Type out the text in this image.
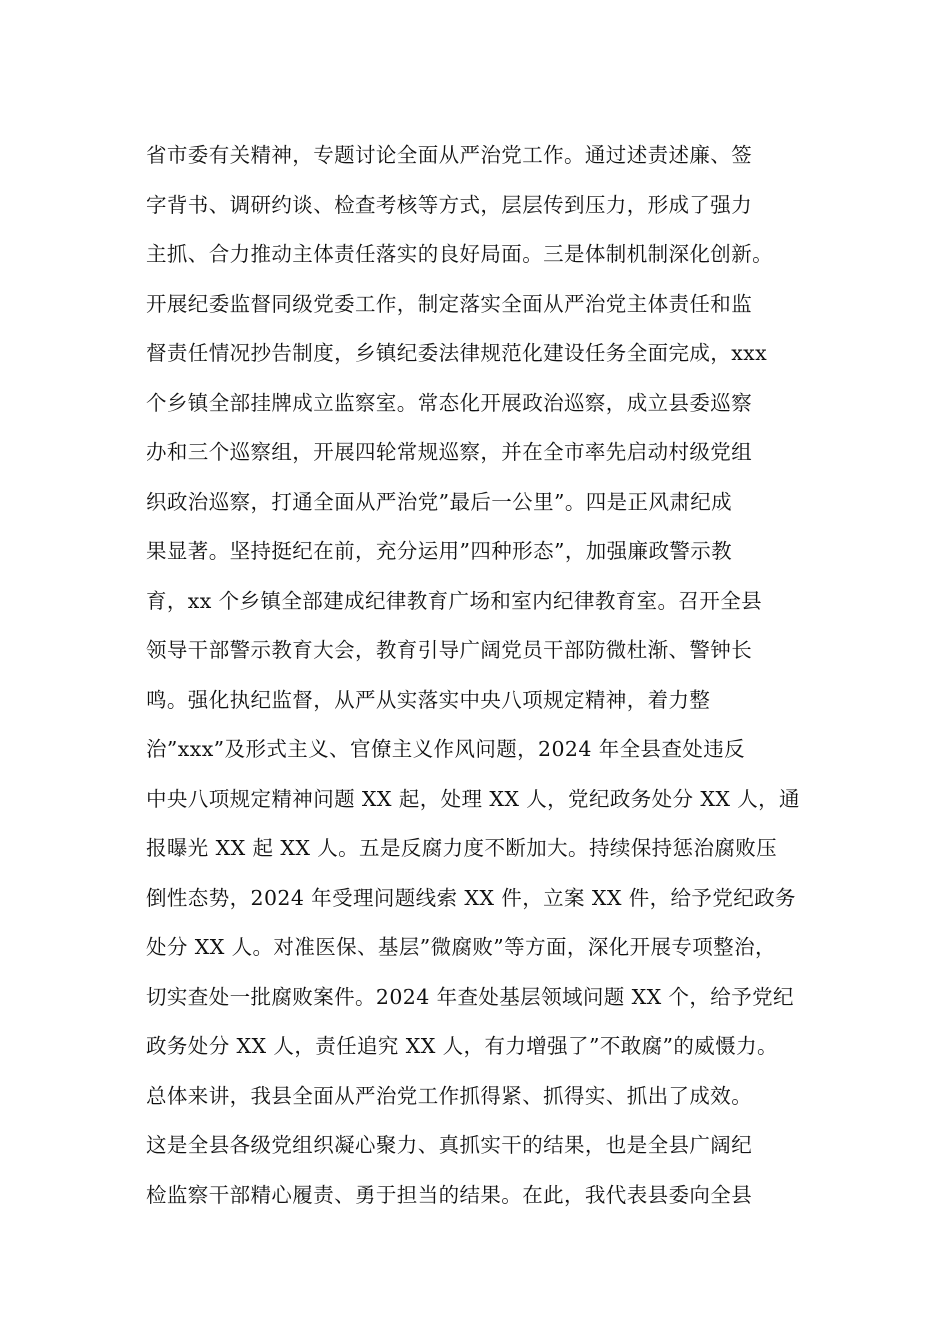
省市委有关精神，专题讨论全面从严治党工作。通过述责述廉、签
字背书、调研约谈、检查考核等方式，层层传到压力，形成了强力
主抓、合力推动主体责任落实的良好局面。三是体制机制深化创新。
开展纪委监督同级党委工作，制定落实全面从严治党主体责任和监
督责任情况抄告制度，乡镇纪委法律规范化建设任务全面完成，xxx
个乡镇全部挂牌成立监察室。常态化开展政治巡察，成立县委巡察
办和三个巡察组，开展四轮常规巡察，并在全市率先启动村级党组
织政治巡察，打通全面从严治党”最后一公里”。四是正风肃纪成
果显著。坚持挺纪在前，充分运用”四种形态”，加强廉政警示教
育，xx 个乡镇全部建成纪律教育广场和室内纪律教育室。召开全县
领导干部警示教育大会，教育引导广阔党员干部防微杜渐、警钟长
鸣。强化执纪监督，从严从实落实中央八项规定精神，着力整
治”xxx”及形式主义、官僚主义作风问题，2024 年全县查处违反
中央八项规定精神问题 XX 起，处理 XX 人，党纪政务处分 XX 人，通
报曝光 XX 起 XX 人。五是反腐力度不断加大。持续保持惩治腐败压
倒性态势，2024 年受理问题线索 XX 件，立案 XX 件，给予党纪政务
处分 XX 人。对准医保、基层”微腐败”等方面，深化开展专项整治，
切实查处一批腐败案件。2024 年查处基层领域问题 XX 个，给予党纪
政务处分 XX 人，责任追究 XX 人，有力增强了”不敢腐”的威慑力。
总体来讲，我县全面从严治党工作抓得紧、抓得实、抓出了成效。
这是全县各级党组织凝心聚力、真抓实干的结果，也是全县广阔纪
检监察干部精心履责、勇于担当的结果。在此，我代表县委向全县
